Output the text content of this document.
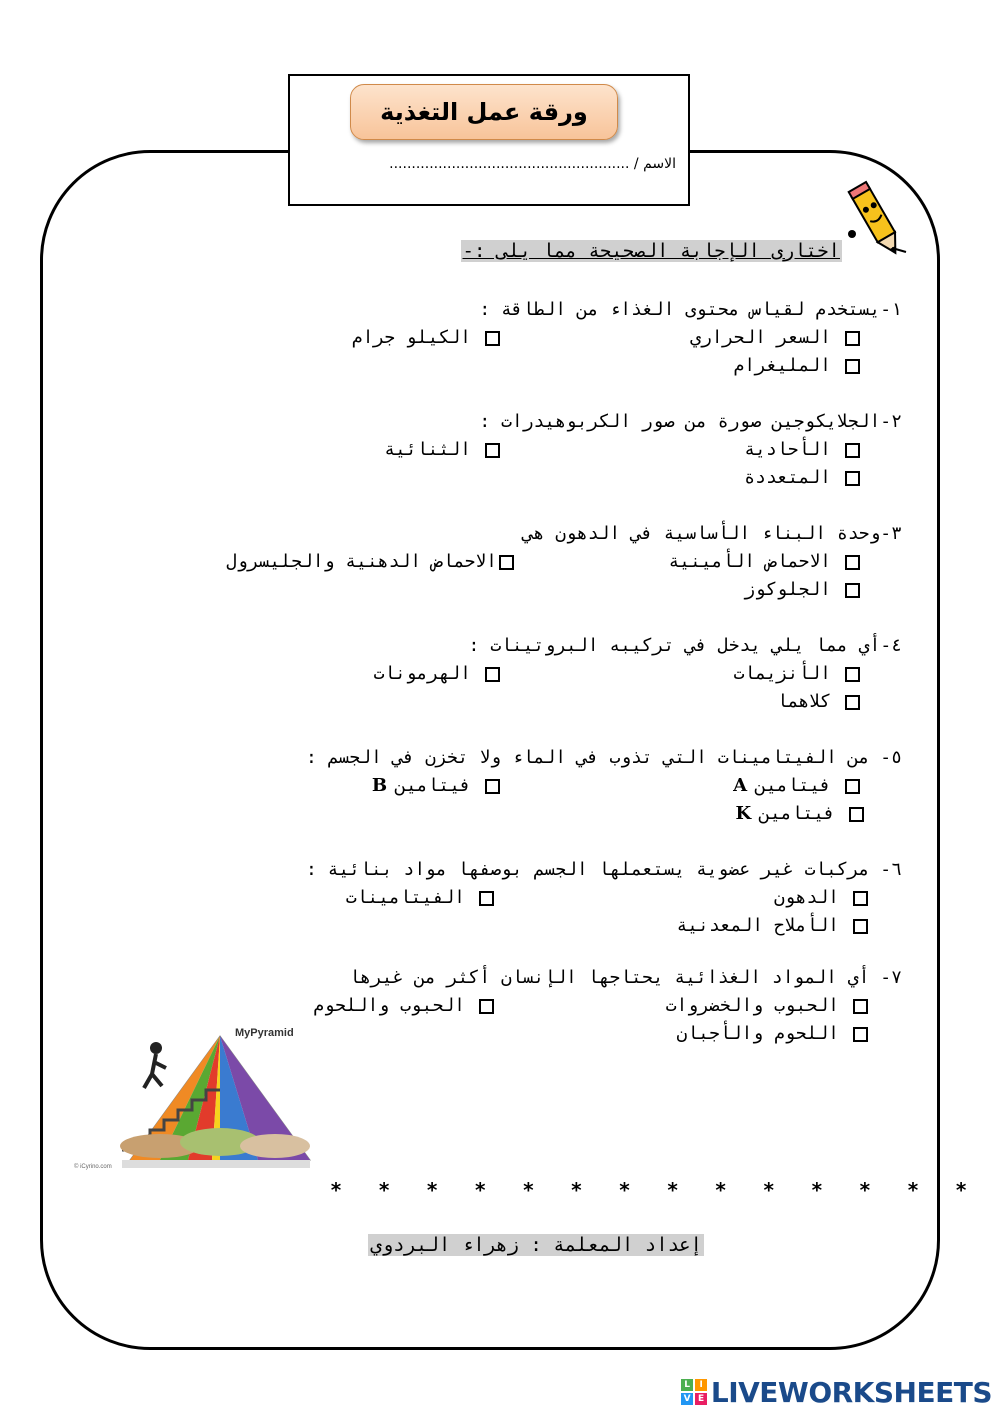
ورقة عمل التغذية
الاسم / ......................................................
اختارى الإجابة الصحيحة مما يلى :-
١-يستخدم لقياس محتوى الغذاء من الطاقة :
السعر الحراري
الكيلو جرام
المليغرام
٢-الجلايكوجين صورة من صور الكربوهيدرات :
الأحادية
الثنائية
المتعددة
٣-وحدة البناء الأساسية في الدهون هي
الاحماض الأمينية
الاحماض الدهنية والجليسرول
الجلوكوز
٤-أي مما يلي يدخل في تركيبه البروتينات :
الأنزيمات
الهرمونات
كلاهما
٥- من الفيتامينات التي تذوب في الماء ولا تخزن في الجسم :
فيتامين
A
فيتامين
B
فيتامين
K
٦- مركبات غير عضوية يستعملها الجسم بوصفها مواد بنائية :
الدهون
الفيتامينات
الأملاح المعدنية
٧- أي المواد الغذائية يحتاجها الإنسان أكثر من غيرها
الحبوب والخضروات
الحبوب واللحوم
اللحوم والأجبان
MyPyramid
© iCyrino.com
* * * * * * * * * * * * * *
إعداد المعلمة : زهراء البردوي
L	I
V E LIVEWORKSHEETS
